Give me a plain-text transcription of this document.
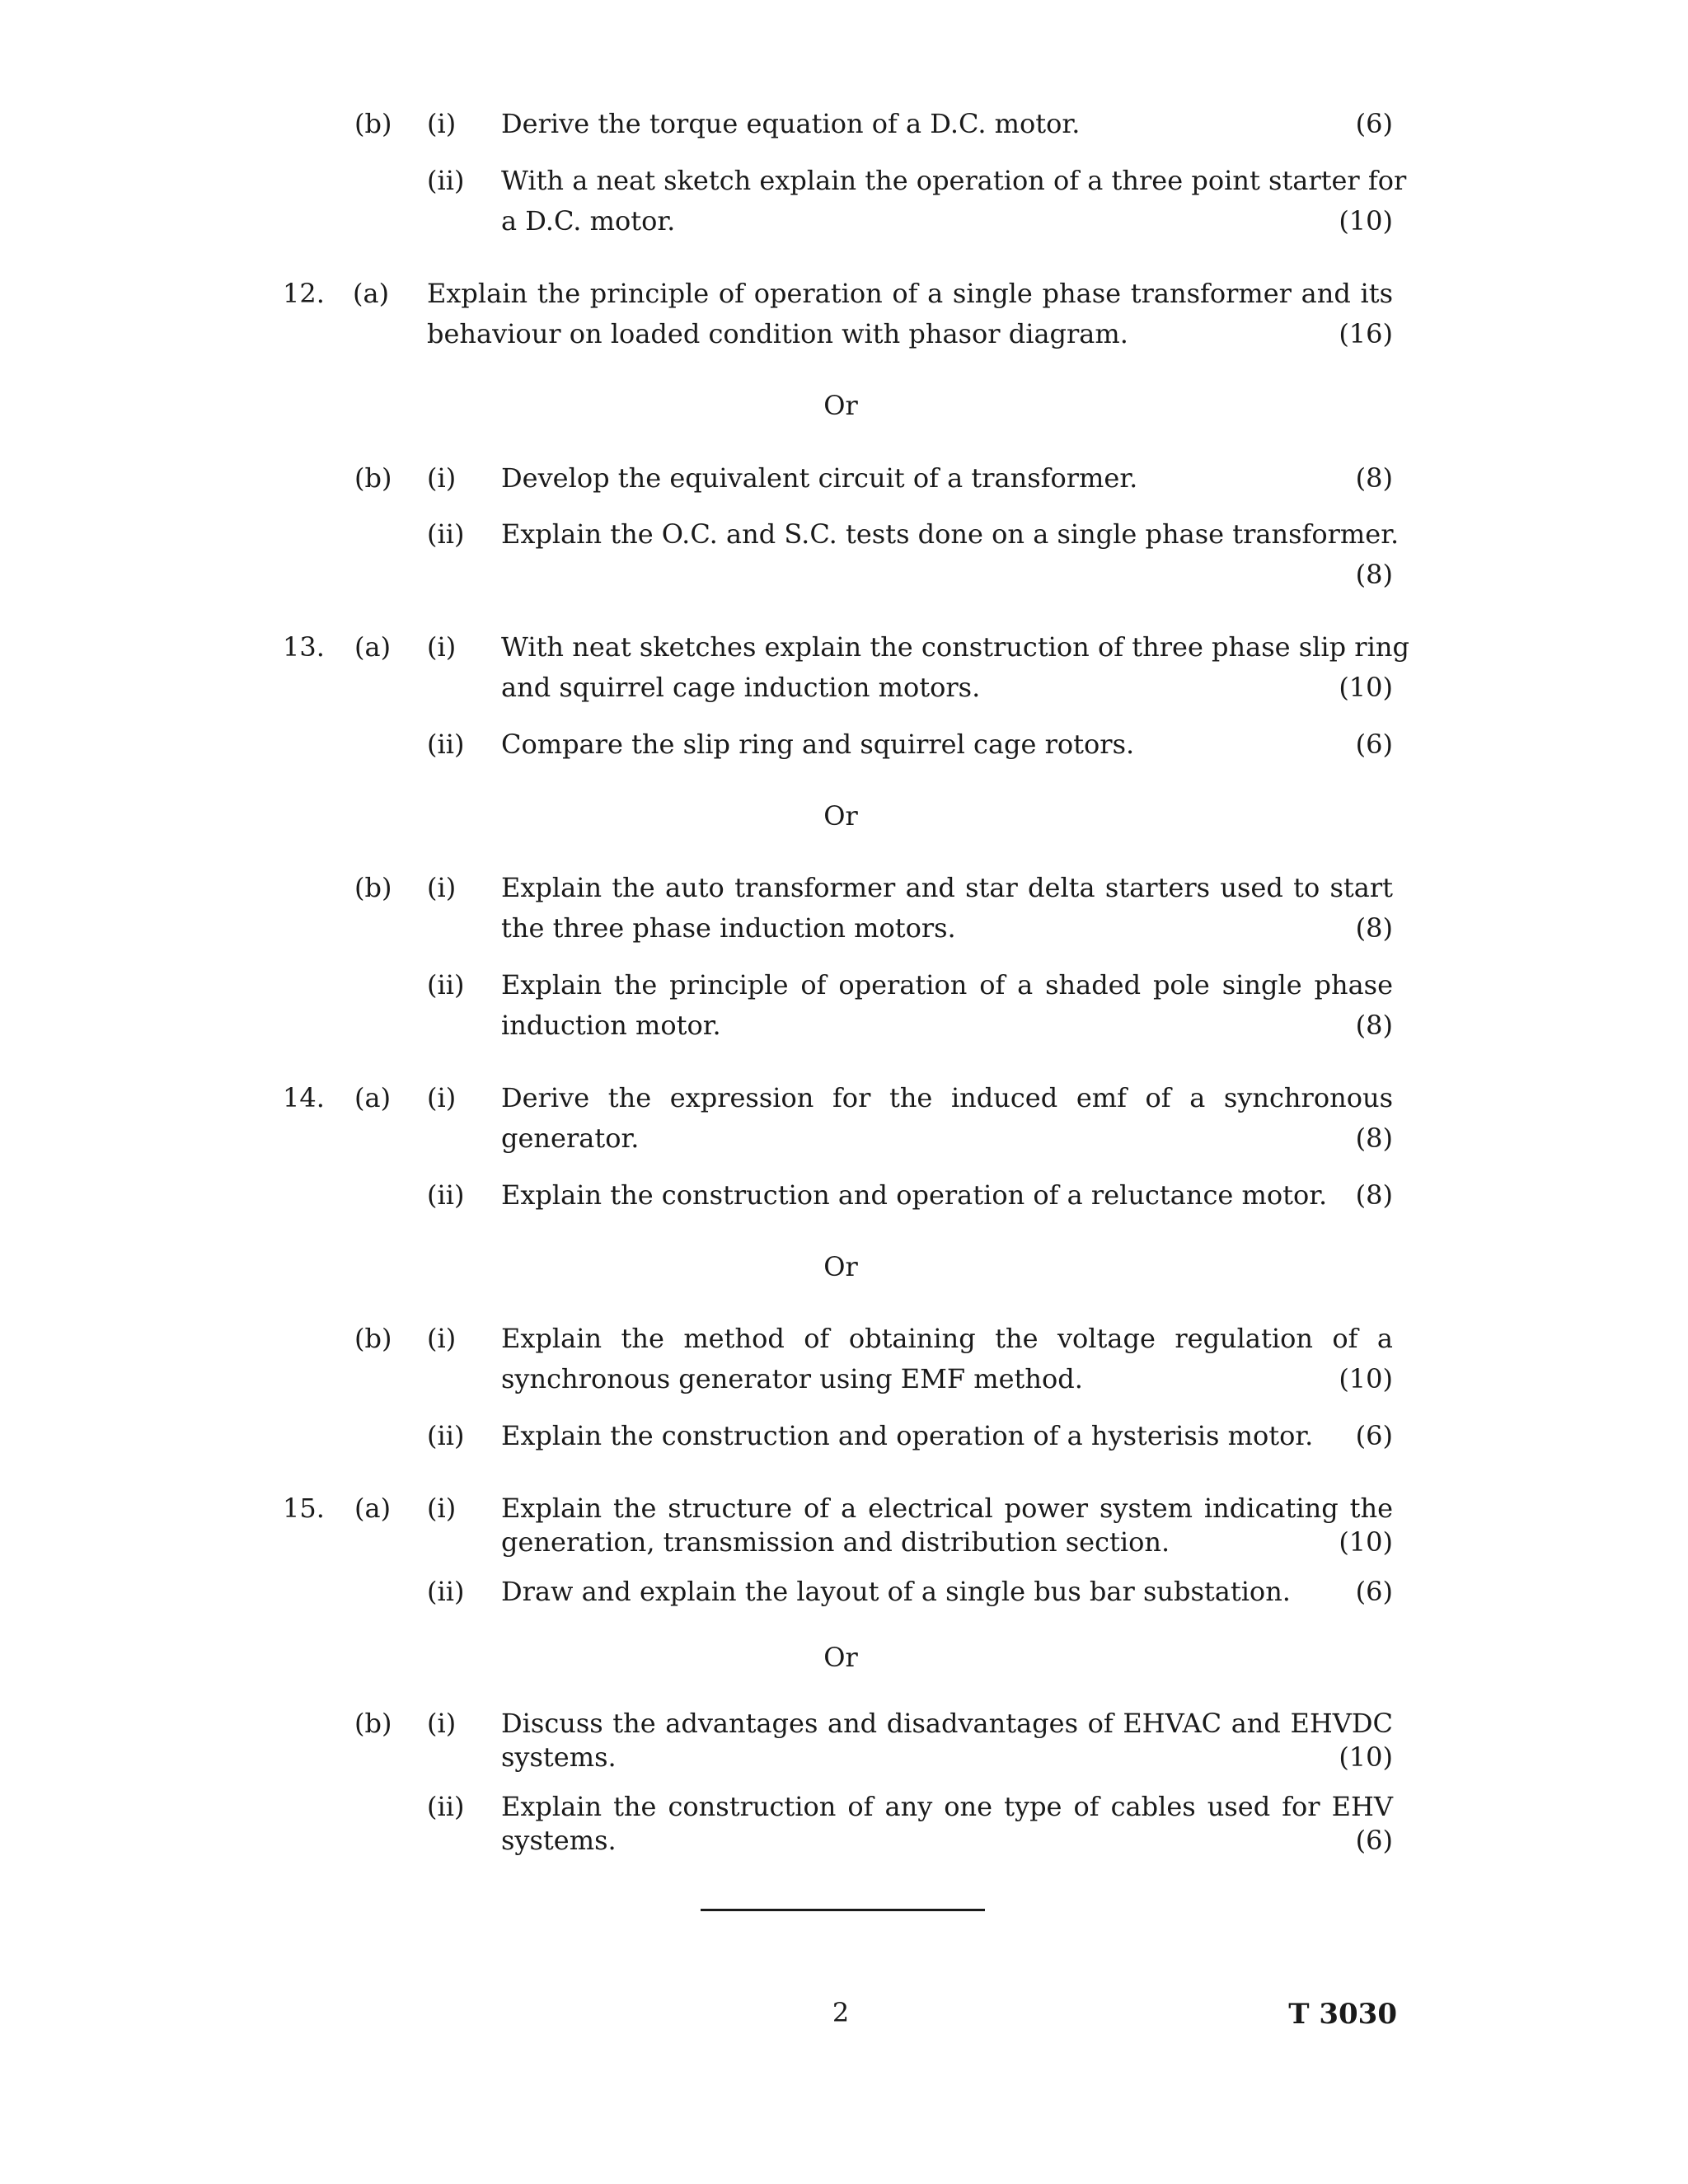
(b) (i) Derive the torque equation of a D.C. motor.	(6)
(ii) With a neat sketch explain the operation of a three point starter for
a D.C. motor.	(10)
12. (a) Explain the principle of operation of a single phase transformer and its
behaviour on loaded condition with phasor diagram.	(16)
Or
(b) (i) Develop the equivalent circuit of a transformer.	(8)
(ii) Explain the O.C. and S.C. tests done on a single phase transformer.
(8)
13. (a) (i) With neat sketches explain the construction of three phase slip ring
and squirrel cage induction motors.	(10)
(ii) Compare the slip ring and squirrel cage rotors.	(6)
Or
(b) (i) Explain the auto transformer and star delta starters used to start
the three phase induction motors.	(8)
(ii) Explain the principle of operation of a shaded pole single phase
induction motor.	(8)
14. (a) (i) Derive the expression for the induced emf of a synchronous
generator.	(8)
(ii) Explain the construction and operation of a reluctance motor.	(8)
Or
(b) (i) Explain the method of obtaining the voltage regulation of a
synchronous generator using EMF method.	(10)
(ii) Explain the construction and operation of a hysterisis motor.	(6)
15. (a) (i) Explain the structure of a electrical power system indicating the
generation, transmission and distribution section.	(10)
(ii) Draw and explain the layout of a single bus bar substation.	(6)
Or
(b) (i) Discuss the advantages and disadvantages of EHVAC and EHVDC
systems.	(10)
(ii) Explain the construction of any one type of cables used for EHV
systems.	(6)
2	T 3030
